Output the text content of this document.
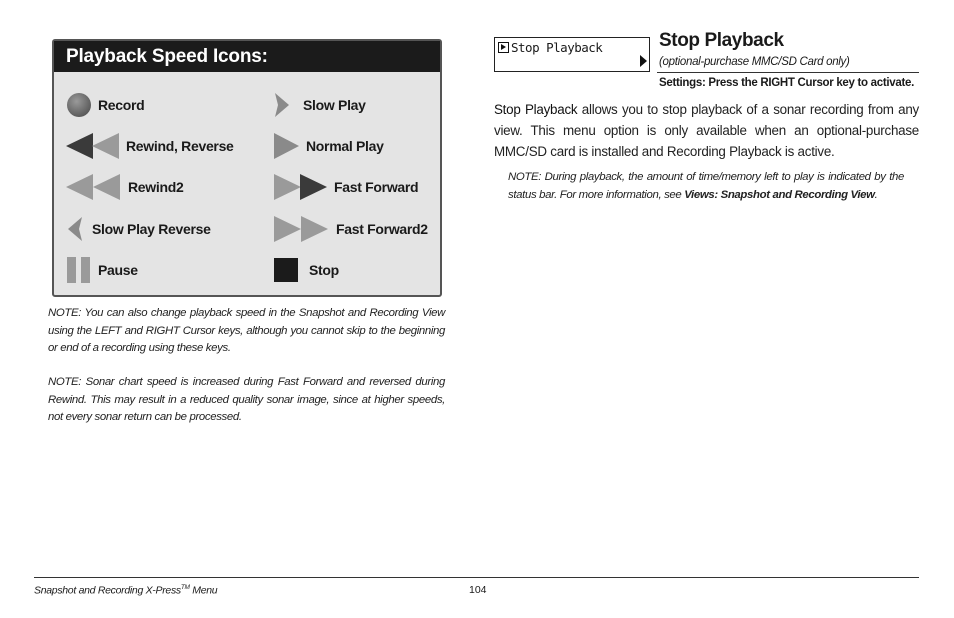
Playback Speed Icons:
Record	Slow Play
Rewind, Reverse	Normal Play
Rewind2	Fast Forward
Slow Play Reverse	Fast Forward2
Pause	Stop
NOTE: You can also change playback speed in the Snapshot and Recording View using the LEFT and RIGHT Cursor keys, although you cannot skip to the beginning or end of a recording using these keys.
NOTE: Sonar chart speed is increased during Fast Forward and reversed during Rewind. This may result in a reduced quality sonar image, since at higher speeds, not every sonar return can be processed.
Stop Playback	Stop Playback
(optional-purchase MMC/SD Card only)
Settings: Press the RIGHT Cursor key to activate.
Stop Playback allows you to stop playback of a sonar recording from any view. This menu option is only available when an optional-purchase MMC/SD card is installed and Recording Playback is active.
NOTE: During playback, the amount of time/memory left to play is indicated by the status bar. For more information, see Views: Snapshot and Recording View.
Snapshot and Recording X-Press™ Menu	104
